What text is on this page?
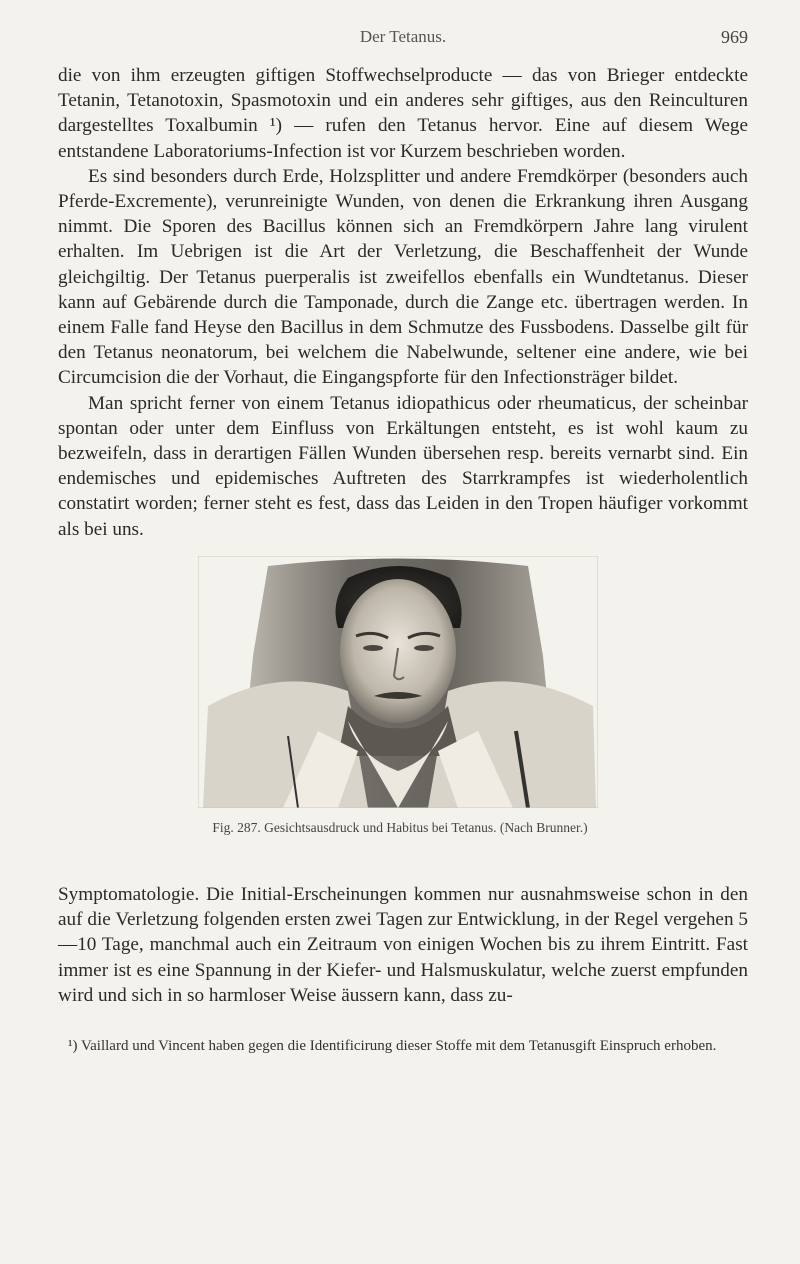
Der Tetanus.	969

die von ihm erzeugten giftigen Stoffwechselproducte — das von Brieger entdeckte Tetanin, Tetanotoxin, Spasmotoxin und ein anderes sehr giftiges, aus den Reinculturen dargestelltes Toxalbumin ¹) — rufen den Tetanus hervor. Eine auf diesem Wege entstandene Laboratoriums-Infection ist vor Kurzem beschrieben worden.

Es sind besonders durch Erde, Holzsplitter und andere Fremdkörper (besonders auch Pferde-Excremente), verunreinigte Wunden, von denen die Erkrankung ihren Ausgang nimmt. Die Sporen des Bacillus können sich an Fremdkörpern Jahre lang virulent erhalten. Im Uebrigen ist die Art der Verletzung, die Beschaffenheit der Wunde gleichgiltig. Der Tetanus puerperalis ist zweifellos ebenfalls ein Wundtetanus. Dieser kann auf Gebärende durch die Tamponade, durch die Zange etc. übertragen werden. In einem Falle fand Heyse den Bacillus in dem Schmutze des Fussbodens. Dasselbe gilt für den Tetanus neonatorum, bei welchem die Nabelwunde, seltener eine andere, wie bei Circumcision die der Vorhaut, die Eingangspforte für den Infectionsträger bildet.

Man spricht ferner von einem Tetanus idiopathicus oder rheumaticus, der scheinbar spontan oder unter dem Einfluss von Erkältungen entsteht, es ist wohl kaum zu bezweifeln, dass in derartigen Fällen Wunden übersehen resp. bereits vernarbt sind. Ein endemisches und epidemisches Auftreten des Starrkrampfes ist wiederholentlich constatirt worden; ferner steht es fest, dass das Leiden in den Tropen häufiger vorkommt als bei uns.

Fig. 287. Gesichtsausdruck und Habitus bei Tetanus. (Nach Brunner.)

Symptomatologie. Die Initial-Erscheinungen kommen nur ausnahmsweise schon in den auf die Verletzung folgenden ersten zwei Tagen zur Entwicklung, in der Regel vergehen 5—10 Tage, manchmal auch ein Zeitraum von einigen Wochen bis zu ihrem Eintritt. Fast immer ist es eine Spannung in der Kiefer- und Halsmuskulatur, welche zuerst empfunden wird und sich in so harmloser Weise äussern kann, dass zu-

¹) Vaillard und Vincent haben gegen die Identificirung dieser Stoffe mit dem Tetanusgift Einspruch erhoben.
